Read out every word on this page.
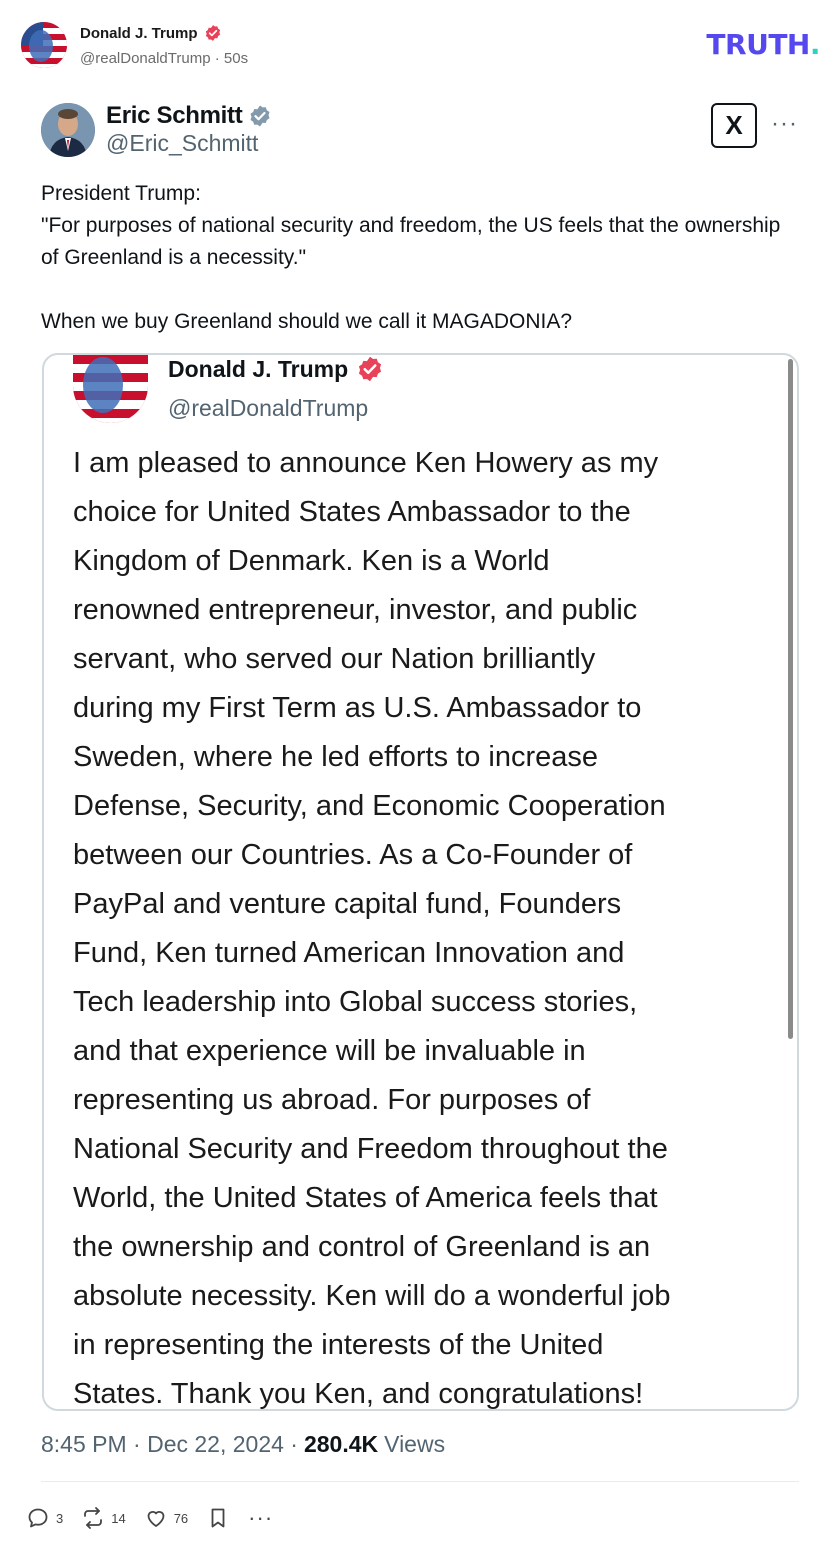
Donald J. Trump
@realDonaldTrump · 50s	TRUTH.
Eric Schmitt
@Eric_Schmitt
X ···

President Trump:

"For purposes of national security and freedom, the US feels that the ownership of Greenland is a necessity."

When we buy Greenland should we call it MAGADONIA?

Donald J. Trump
@realDonaldTrump
I am pleased to announce Ken Howery as my
choice for United States Ambassador to the
Kingdom of Denmark. Ken is a World
renowned entrepreneur, investor, and public
servant, who served our Nation brilliantly
during my First Term as U.S. Ambassador to
Sweden, where he led efforts to increase
Defense, Security, and Economic Cooperation
between our Countries. As a Co-Founder of
PayPal and venture capital fund, Founders
Fund, Ken turned American Innovation and
Tech leadership into Global success stories,
and that experience will be invaluable in
representing us abroad. For purposes of
National Security and Freedom throughout the
World, the United States of America feels that
the ownership and control of Greenland is an
absolute necessity. Ken will do a wonderful job
in representing the interests of the United
States. Thank you Ken, and congratulations!
8:45 PM · Dec 22, 2024 · 280.4K Views
3	14	76	···
